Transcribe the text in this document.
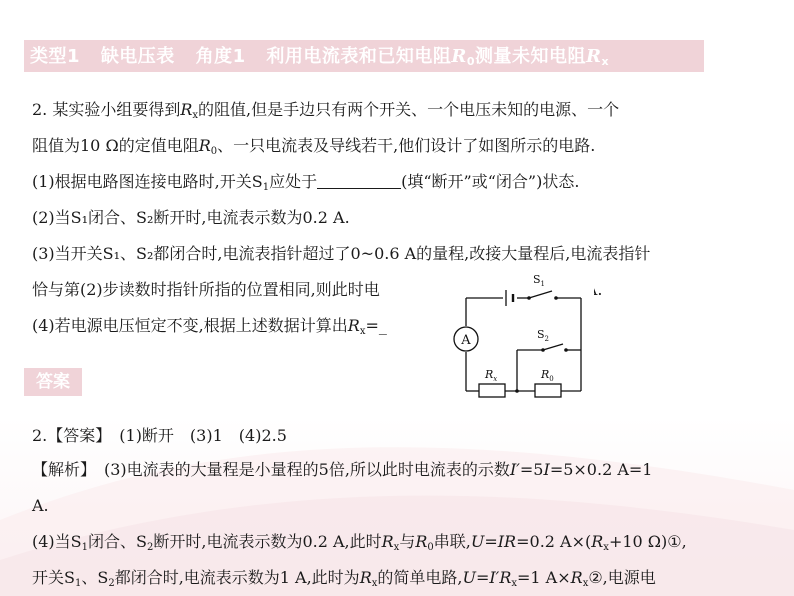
类型1 缺电压表 角度1 利用电流表和已知电阻$R_0$测量未知电阻$R_x$
2. 某实验小组要得到$R_x$的阻值,但是手边只有两个开关、一个电压未知的电源、一个
阻值为10 Ω的定值电阻$R_0$、一只电流表及导线若干,他们设计了如图所示的电路.
(1)根据电路图连接电路时,开关$S_1$应处于	(填“断开”或“闭合”)状态.
(2)当S₁闭合、S₂断开时,电流表示数为0.2 A.
(3)当开关S₁、S₂都闭合时,电流表指针超过了0~0.6 A的量程,改接大量程后,电流表指针
恰与第(2)步读数时指针所指的位置相同,则此时电	A.
(4)若电源电压恒定不变,根据上述数据计算出$R_x=\_$
A
$S_1$
$S_2$
$R_x$	$R_0$
答案
2.【答案】　(1)断开　(3)1　(4)2.5
【解析】　(3)电流表的大量程是小量程的5倍,所以此时电流表的示数I′=5I=5×0.2 A=1
A.
(4)当$S_1$闭合、$S_2$断开时,电流表示数为0.2 A,此时$R_x$与$R_0$串联,U=IR=0.2 $A\times(R_x+10$ Ω)①,
开关$S_1$、$S_2$都闭合时,电流表示数为1 A,此时为$R_x$的简单电路$,U=I'R_x=1$ $A\times R_x②$,电源电
